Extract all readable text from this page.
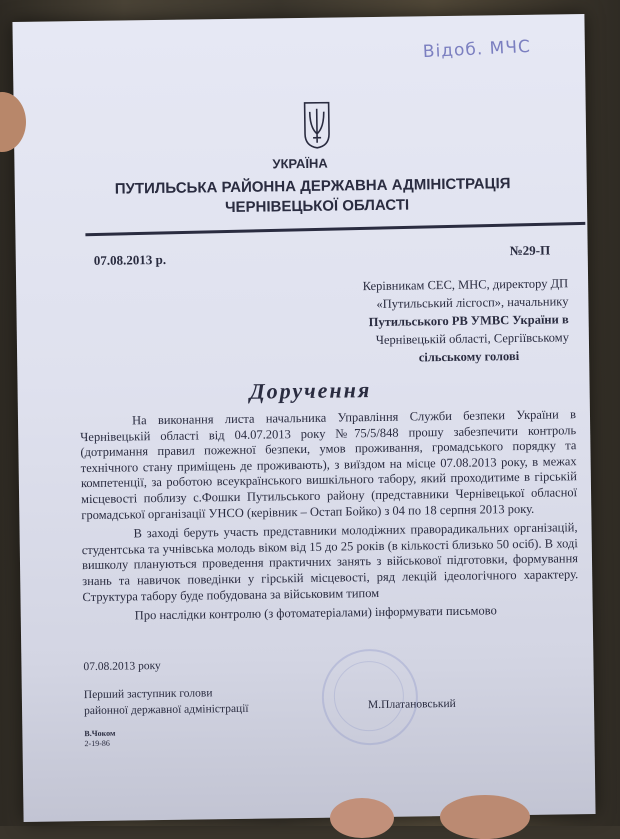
Відоб. МЧС
УКРАЇНА
ПУТИЛЬСЬКА РАЙОННА ДЕРЖАВНА АДМІНІСТРАЦІЯ
ЧЕРНІВЕЦЬКОЇ ОБЛАСТІ
07.08.2013 р.
№29-П
Керівникам СЕС, МНС, директору ДП
«Путильський лісгосп», начальнику
Путильського РВ УМВС України в
Чернівецькій області, Сергіївському
сільському голові
Доручення

На виконання листа начальника Управління Служби безпеки України в Чернівецькій області від 04.07.2013 року №75/5/848 прошу забезпечити контроль (дотримання правил пожежної безпеки, умов проживання, громадського порядку та технічного стану приміщень де проживають), з виїздом на місце 07.08.2013 року, в межах компетенції, за роботою всеукраїнського вишкільного табору, який проходитиме в гірській місцевості поблизу с.Фошки Путильського району (представники Чернівецької обласної громадської організації УНСО (керівник – Остап Бойко) з 04 по 18 серпня 2013 року.

В заході беруть участь представники молодіжних праворадикальних організацій, студентська та учнівська молодь віком від 15 до 25 років (в кількості близько 50 осіб). В ході вишколу плануються проведення практичних занять з військової підготовки, формування знань та навичок поведінки у гірській місцевості, ряд лекцій ідеологічного характеру. Структура табору буде побудована за військовим типом

Про наслідки контролю (з фотоматеріалами) інформувати письмово

07.08.2013 року
Перший заступник голови
районної державної адміністрації	М.Платановський
В.Чоком
2-19-86
